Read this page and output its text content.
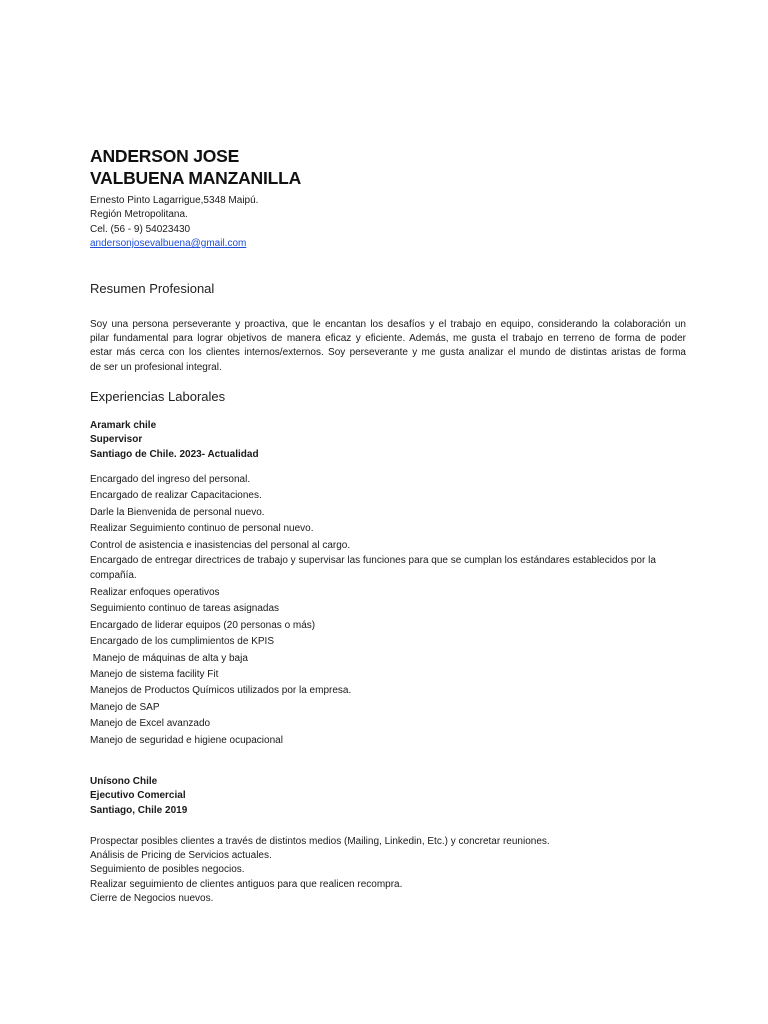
ANDERSON JOSE
VALBUENA MANZANILLA
Ernesto Pinto Lagarrigue,5348 Maipú.
Región Metropolitana.
Cel. (56 - 9) 54023430
andersonjosevalbuena@gmail.com
Resumen Profesional
Soy una persona perseverante y proactiva, que le encantan los desafíos y el trabajo en equipo, considerando la colaboración un
pilar fundamental para lograr objetivos de manera eficaz y eficiente. Además, me gusta el trabajo en terreno de forma de poder
estar más cerca con los clientes internos/externos. Soy perseverante y me gusta analizar el mundo de distintas aristas de forma
de ser un profesional integral.
Experiencias Laborales
Aramark chile
Supervisor
Santiago de Chile. 2023- Actualidad
Encargado del ingreso del personal.
Encargado de realizar Capacitaciones.
Darle la Bienvenida de personal nuevo.
Realizar Seguimiento continuo de personal nuevo.
Control de asistencia e inasistencias del personal al cargo.
Encargado de entregar directrices de trabajo y supervisar las funciones para que se cumplan los estándares establecidos por la compañía.
Realizar enfoques operativos
Seguimiento continuo de tareas asignadas
Encargado de liderar equipos (20 personas o más)
Encargado de los cumplimientos de KPIS
Manejo de máquinas de alta y baja
Manejo de sistema facility Fit
Manejos de Productos Químicos utilizados por la empresa.
Manejo de SAP
Manejo de Excel avanzado
Manejo de seguridad e higiene ocupacional
Unísono Chile
Ejecutivo Comercial
Santiago, Chile 2019
Prospectar posibles clientes a través de distintos medios (Mailing, Linkedin, Etc.) y concretar reuniones.
Análisis de Pricing de Servicios actuales.
Seguimiento de posibles negocios.
Realizar seguimiento de clientes antiguos para que realicen recompra.
Cierre de Negocios nuevos.
